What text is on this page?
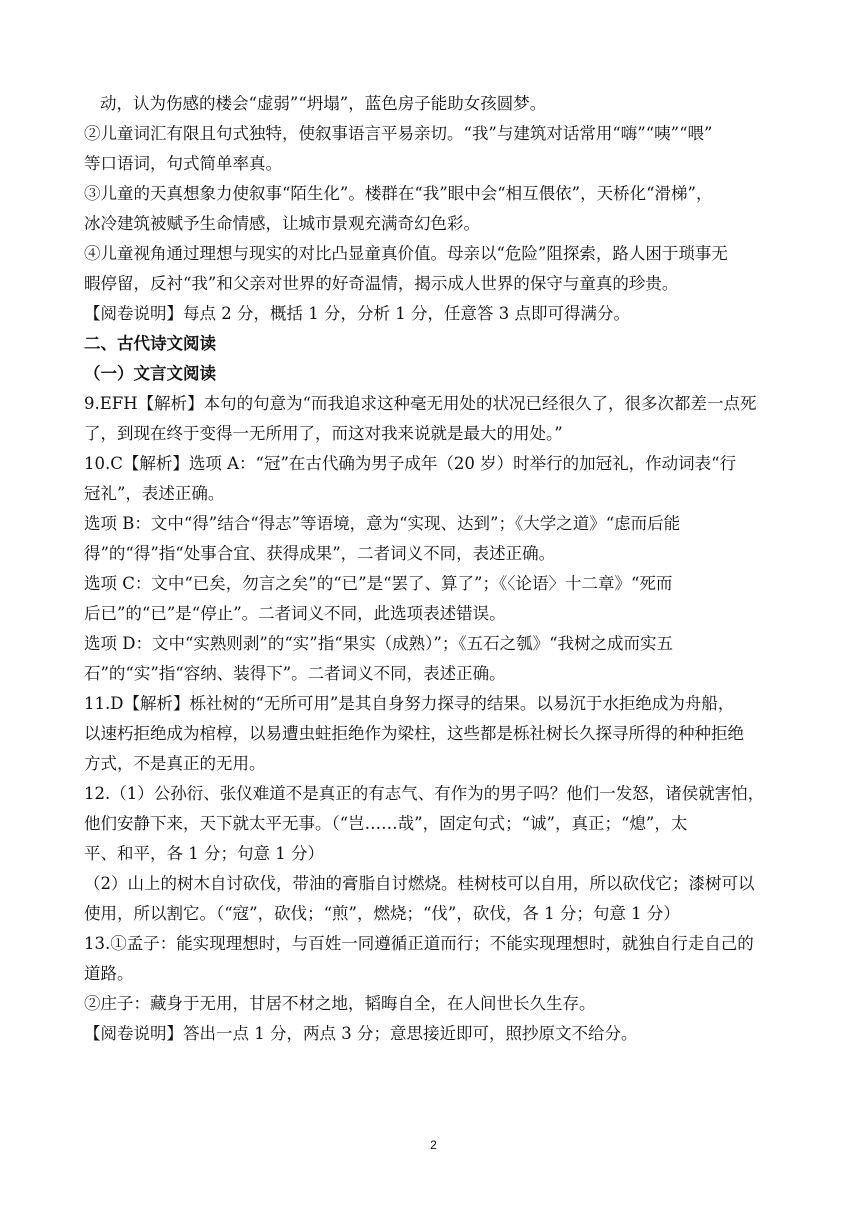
动，认为伤感的楼会“虚弱”“坍塌”，蓝色房子能助女孩圆梦。
②儿童词汇有限且句式独特，使叙事语言平易亲切。“我”与建筑对话常用“嗨”“咦”“喂”
等口语词，句式简单率真。
③儿童的天真想象力使叙事“陌生化”。楼群在“我”眼中会“相互偎依”，天桥化“滑梯”，
冰冷建筑被赋予生命情感，让城市景观充满奇幻色彩。
④儿童视角通过理想与现实的对比凸显童真价值。母亲以“危险”阻探索，路人困于琐事无
暇停留，反衬“我”和父亲对世界的好奇温情，揭示成人世界的保守与童真的珍贵。
【阅卷说明】每点 2 分，概括 1 分，分析 1 分，任意答 3 点即可得满分。
二、古代诗文阅读
（一）文言文阅读
9.EFH【解析】本句的句意为“而我追求这种毫无用处的状况已经很久了，很多次都差一点死
了，到现在终于变得一无所用了，而这对我来说就是最大的用处。”
10.C【解析】选项 A：“冠”在古代确为男子成年（20 岁）时举行的加冠礼，作动词表“行
冠礼”，表述正确。
选项 B：文中“得”结合“得志”等语境，意为“实现、达到”；《大学之道》“虑而后能
得”的“得”指“处事合宜、获得成果”，二者词义不同，表述正确。
选项 C：文中“已矣，勿言之矣”的“已”是“罢了、算了”；《〈论语〉十二章》“死而
后已”的“已”是“停止”。二者词义不同，此选项表述错误。
选项 D：文中“实熟则剥”的“实”指“果实（成熟）”；《五石之瓠》“我树之成而实五
石”的“实”指“容纳、装得下”。二者词义不同，表述正确。
11.D【解析】栎社树的“无所可用”是其自身努力探寻的结果。以易沉于水拒绝成为舟船，
以速朽拒绝成为棺椁，以易遭虫蛀拒绝作为梁柱，这些都是栎社树长久探寻所得的种种拒绝
方式，不是真正的无用。
12.（1）公孙衍、张仪难道不是真正的有志气、有作为的男子吗？他们一发怒，诸侯就害怕，
他们安静下来，天下就太平无事。（“岂……哉”，固定句式；“诚”，真正；“熄”，太
平、和平，各 1 分；句意 1 分）
（2）山上的树木自讨砍伐，带油的膏脂自讨燃烧。桂树枝可以自用，所以砍伐它；漆树可以
使用，所以割它。（“寇”，砍伐；“煎”，燃烧；“伐”，砍伐，各 1 分；句意 1 分）
13.①孟子：能实现理想时，与百姓一同遵循正道而行；不能实现理想时，就独自行走自己的
道路。
②庄子：藏身于无用，甘居不材之地，韬晦自全，在人间世长久生存。
【阅卷说明】答出一点 1 分，两点 3 分；意思接近即可，照抄原文不给分。
2
